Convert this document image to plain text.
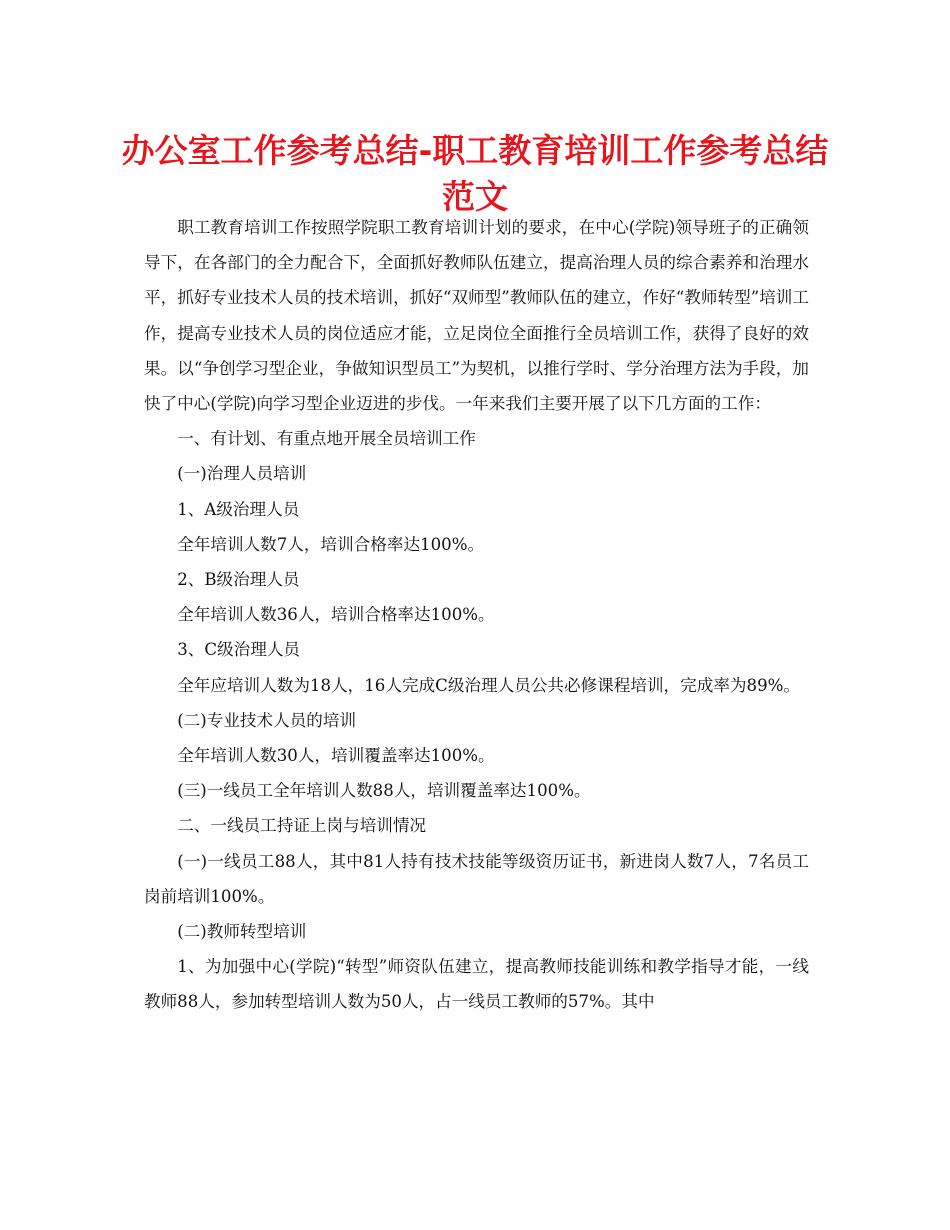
办公室工作参考总结-职工教育培训工作参考总结范文

职工教育培训工作按照学院职工教育培训计划的要求，在中心(学院)领导班子的正确领导下，在各部门的全力配合下，全面抓好教师队伍建立，提高治理人员的综合素养和治理水平，抓好专业技术人员的技术培训，抓好“双师型”教师队伍的建立，作好“教师转型”培训工作，提高专业技术人员的岗位适应才能，立足岗位全面推行全员培训工作，获得了良好的效果。以“争创学习型企业，争做知识型员工”为契机，以推行学时、学分治理方法为手段，加快了中心(学院)向学习型企业迈进的步伐。一年来我们主要开展了以下几方面的工作：

一、有计划、有重点地开展全员培训工作

(一)治理人员培训

1、A级治理人员

全年培训人数7人，培训合格率达100%。

2、B级治理人员

全年培训人数36人，培训合格率达100%。

3、C级治理人员

全年应培训人数为18人，16人完成C级治理人员公共必修课程培训，完成率为89%。

(二)专业技术人员的培训

全年培训人数30人，培训覆盖率达100%。

(三)一线员工全年培训人数88人，培训覆盖率达100%。

二、一线员工持证上岗与培训情况

(一)一线员工88人，其中81人持有技术技能等级资历证书，新进岗人数7人，7名员工岗前培训100%。

(二)教师转型培训

1、为加强中心(学院)“转型”师资队伍建立，提高教师技能训练和教学指导才能，一线教师88人，参加转型培训人数为50人，占一线员工教师的57%。其中
